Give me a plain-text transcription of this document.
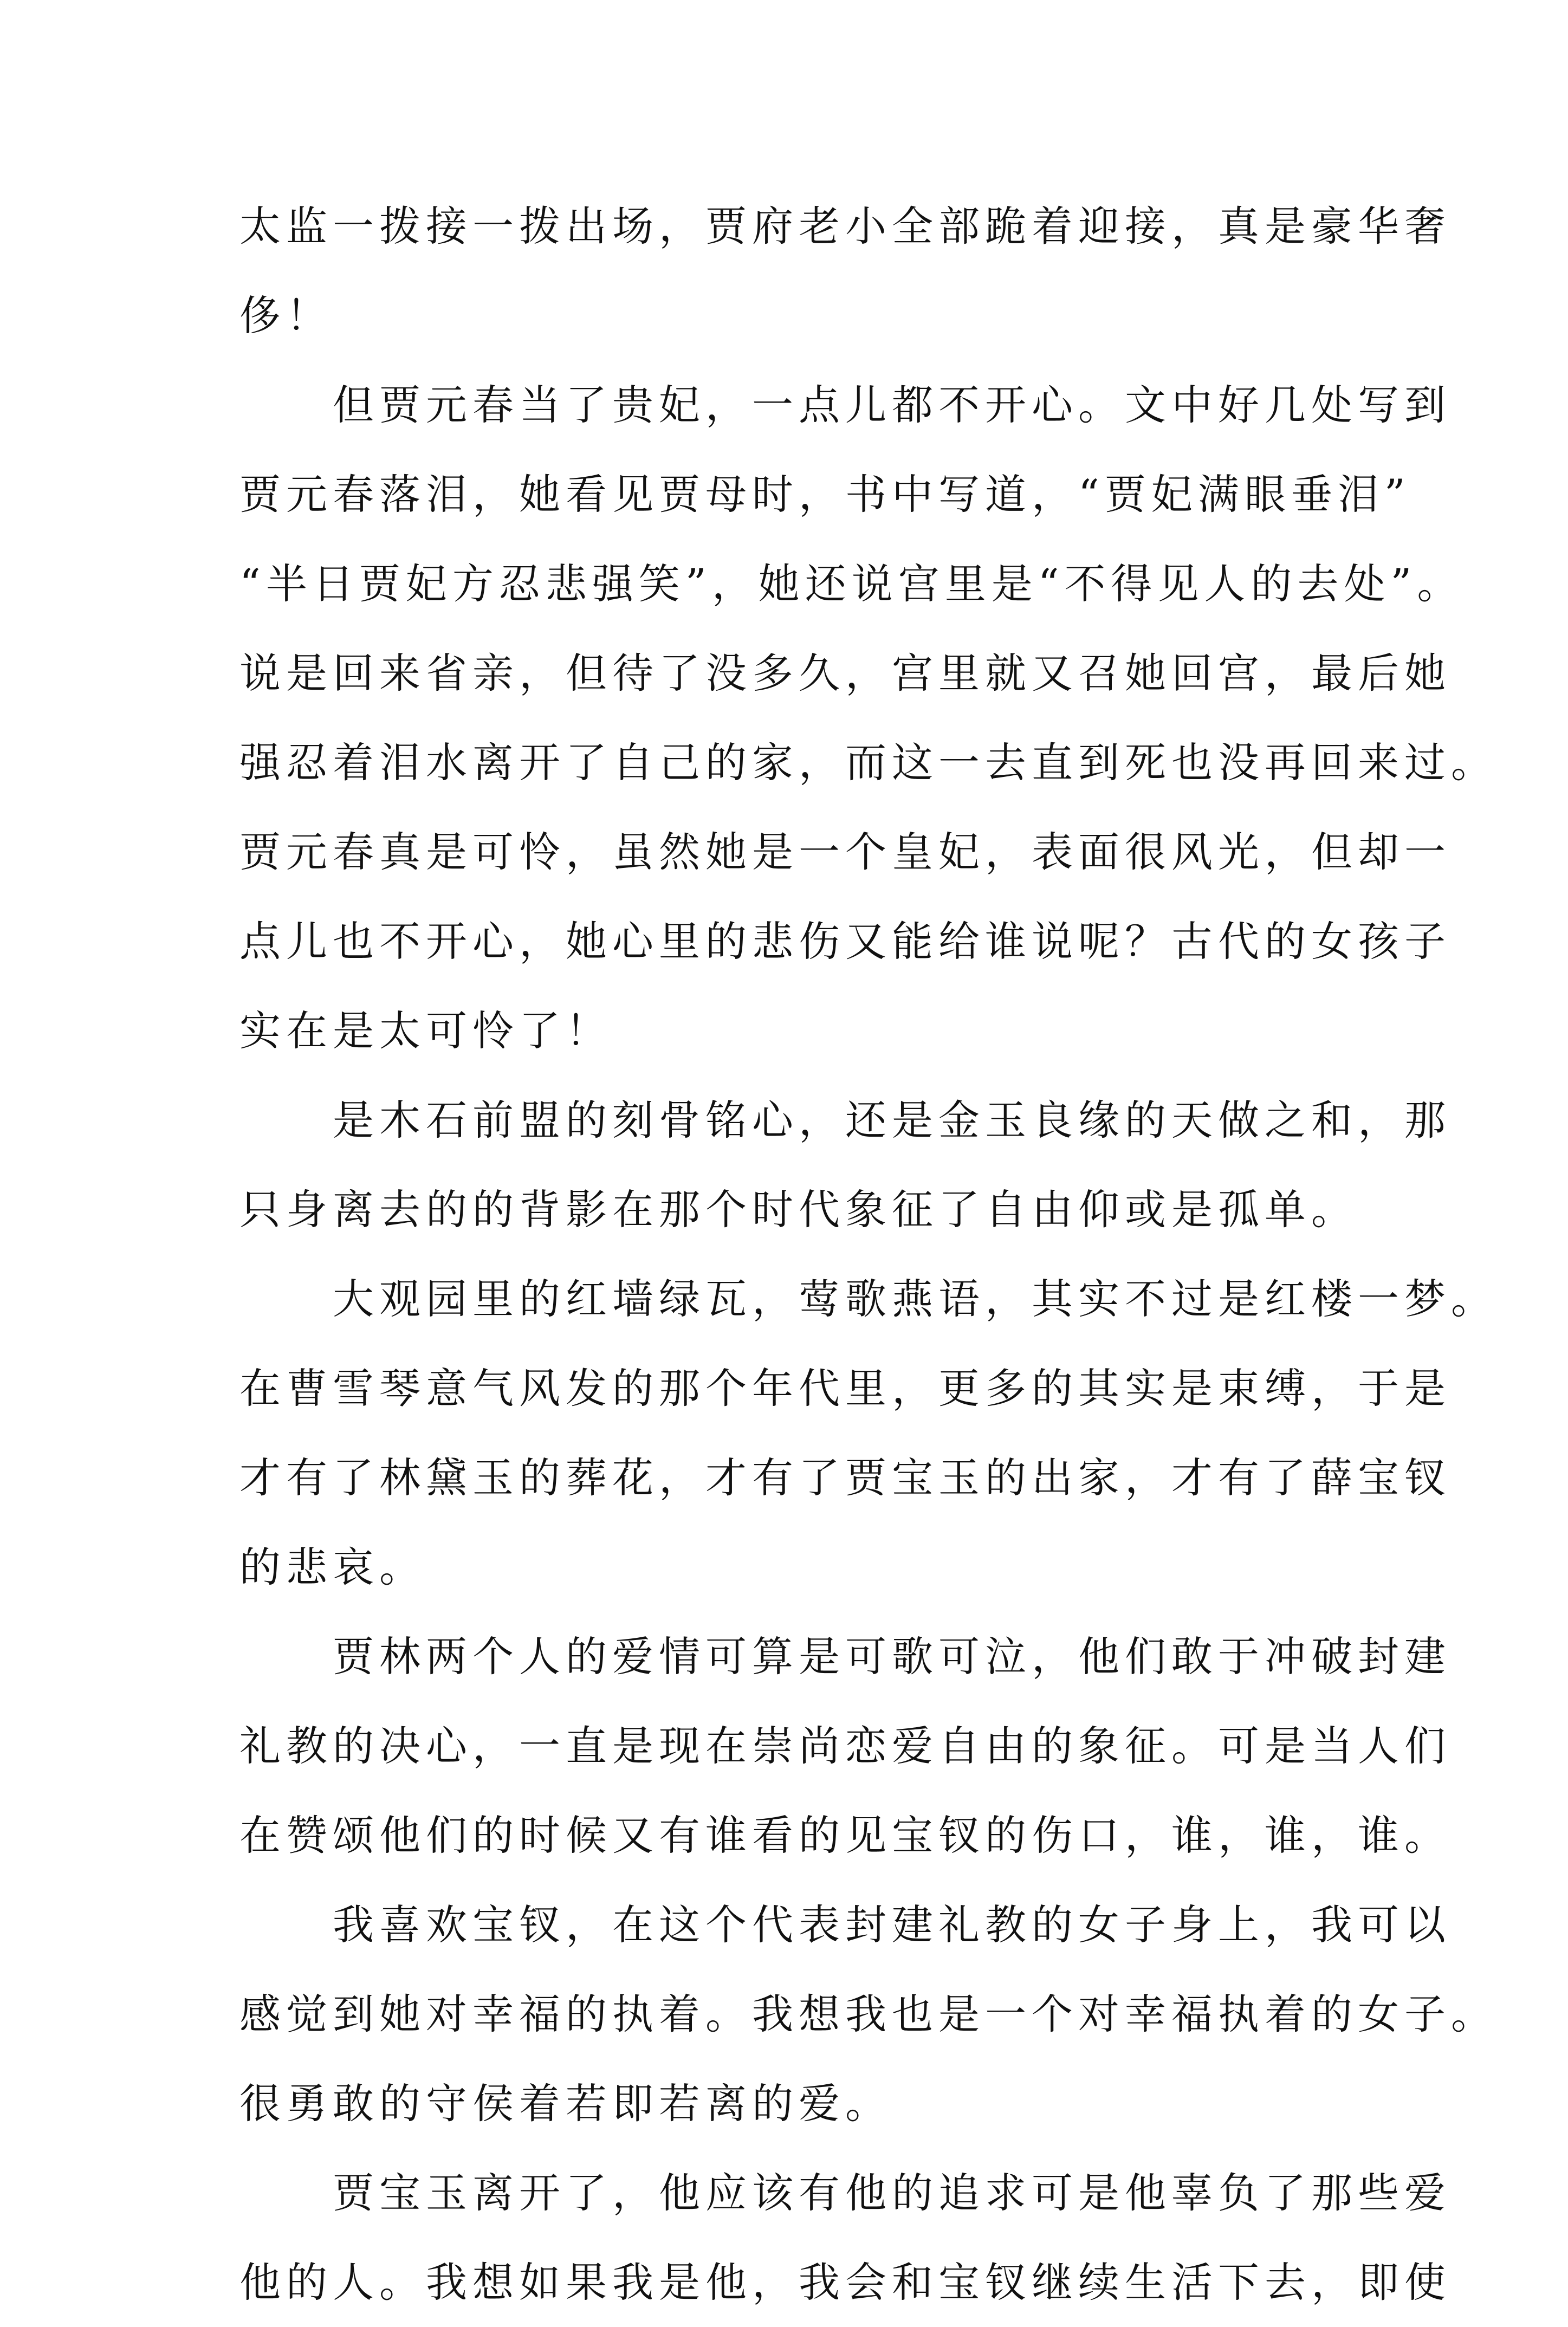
太监一拨接一拨出场，贾府老小全部跪着迎接，真是豪华奢
侈！
　　但贾元春当了贵妃，一点儿都不开心。文中好几处写到
贾元春落泪，她看见贾母时，书中写道，“贾妃满眼垂泪”
“半日贾妃方忍悲强笑”，她还说宫里是“不得见人的去处”。
说是回来省亲，但待了没多久，宫里就又召她回宫，最后她
强忍着泪水离开了自己的家，而这一去直到死也没再回来过。
贾元春真是可怜，虽然她是一个皇妃，表面很风光，但却一
点儿也不开心，她心里的悲伤又能给谁说呢？古代的女孩子
实在是太可怜了！
　　是木石前盟的刻骨铭心，还是金玉良缘的天做之和，那
只身离去的的背影在那个时代象征了自由仰或是孤单。
　　大观园里的红墙绿瓦，莺歌燕语，其实不过是红楼一梦。
在曹雪琴意气风发的那个年代里，更多的其实是束缚，于是
才有了林黛玉的葬花，才有了贾宝玉的出家，才有了薛宝钗
的悲哀。
　　贾林两个人的爱情可算是可歌可泣，他们敢于冲破封建
礼教的决心，一直是现在崇尚恋爱自由的象征。可是当人们
在赞颂他们的时候又有谁看的见宝钗的伤口，谁，谁，谁。
　　我喜欢宝钗，在这个代表封建礼教的女子身上，我可以
感觉到她对幸福的执着。我想我也是一个对幸福执着的女子。
很勇敢的守侯着若即若离的爱。
　　贾宝玉离开了，他应该有他的追求可是他辜负了那些爱
他的人。我想如果我是他，我会和宝钗继续生活下去，即使
